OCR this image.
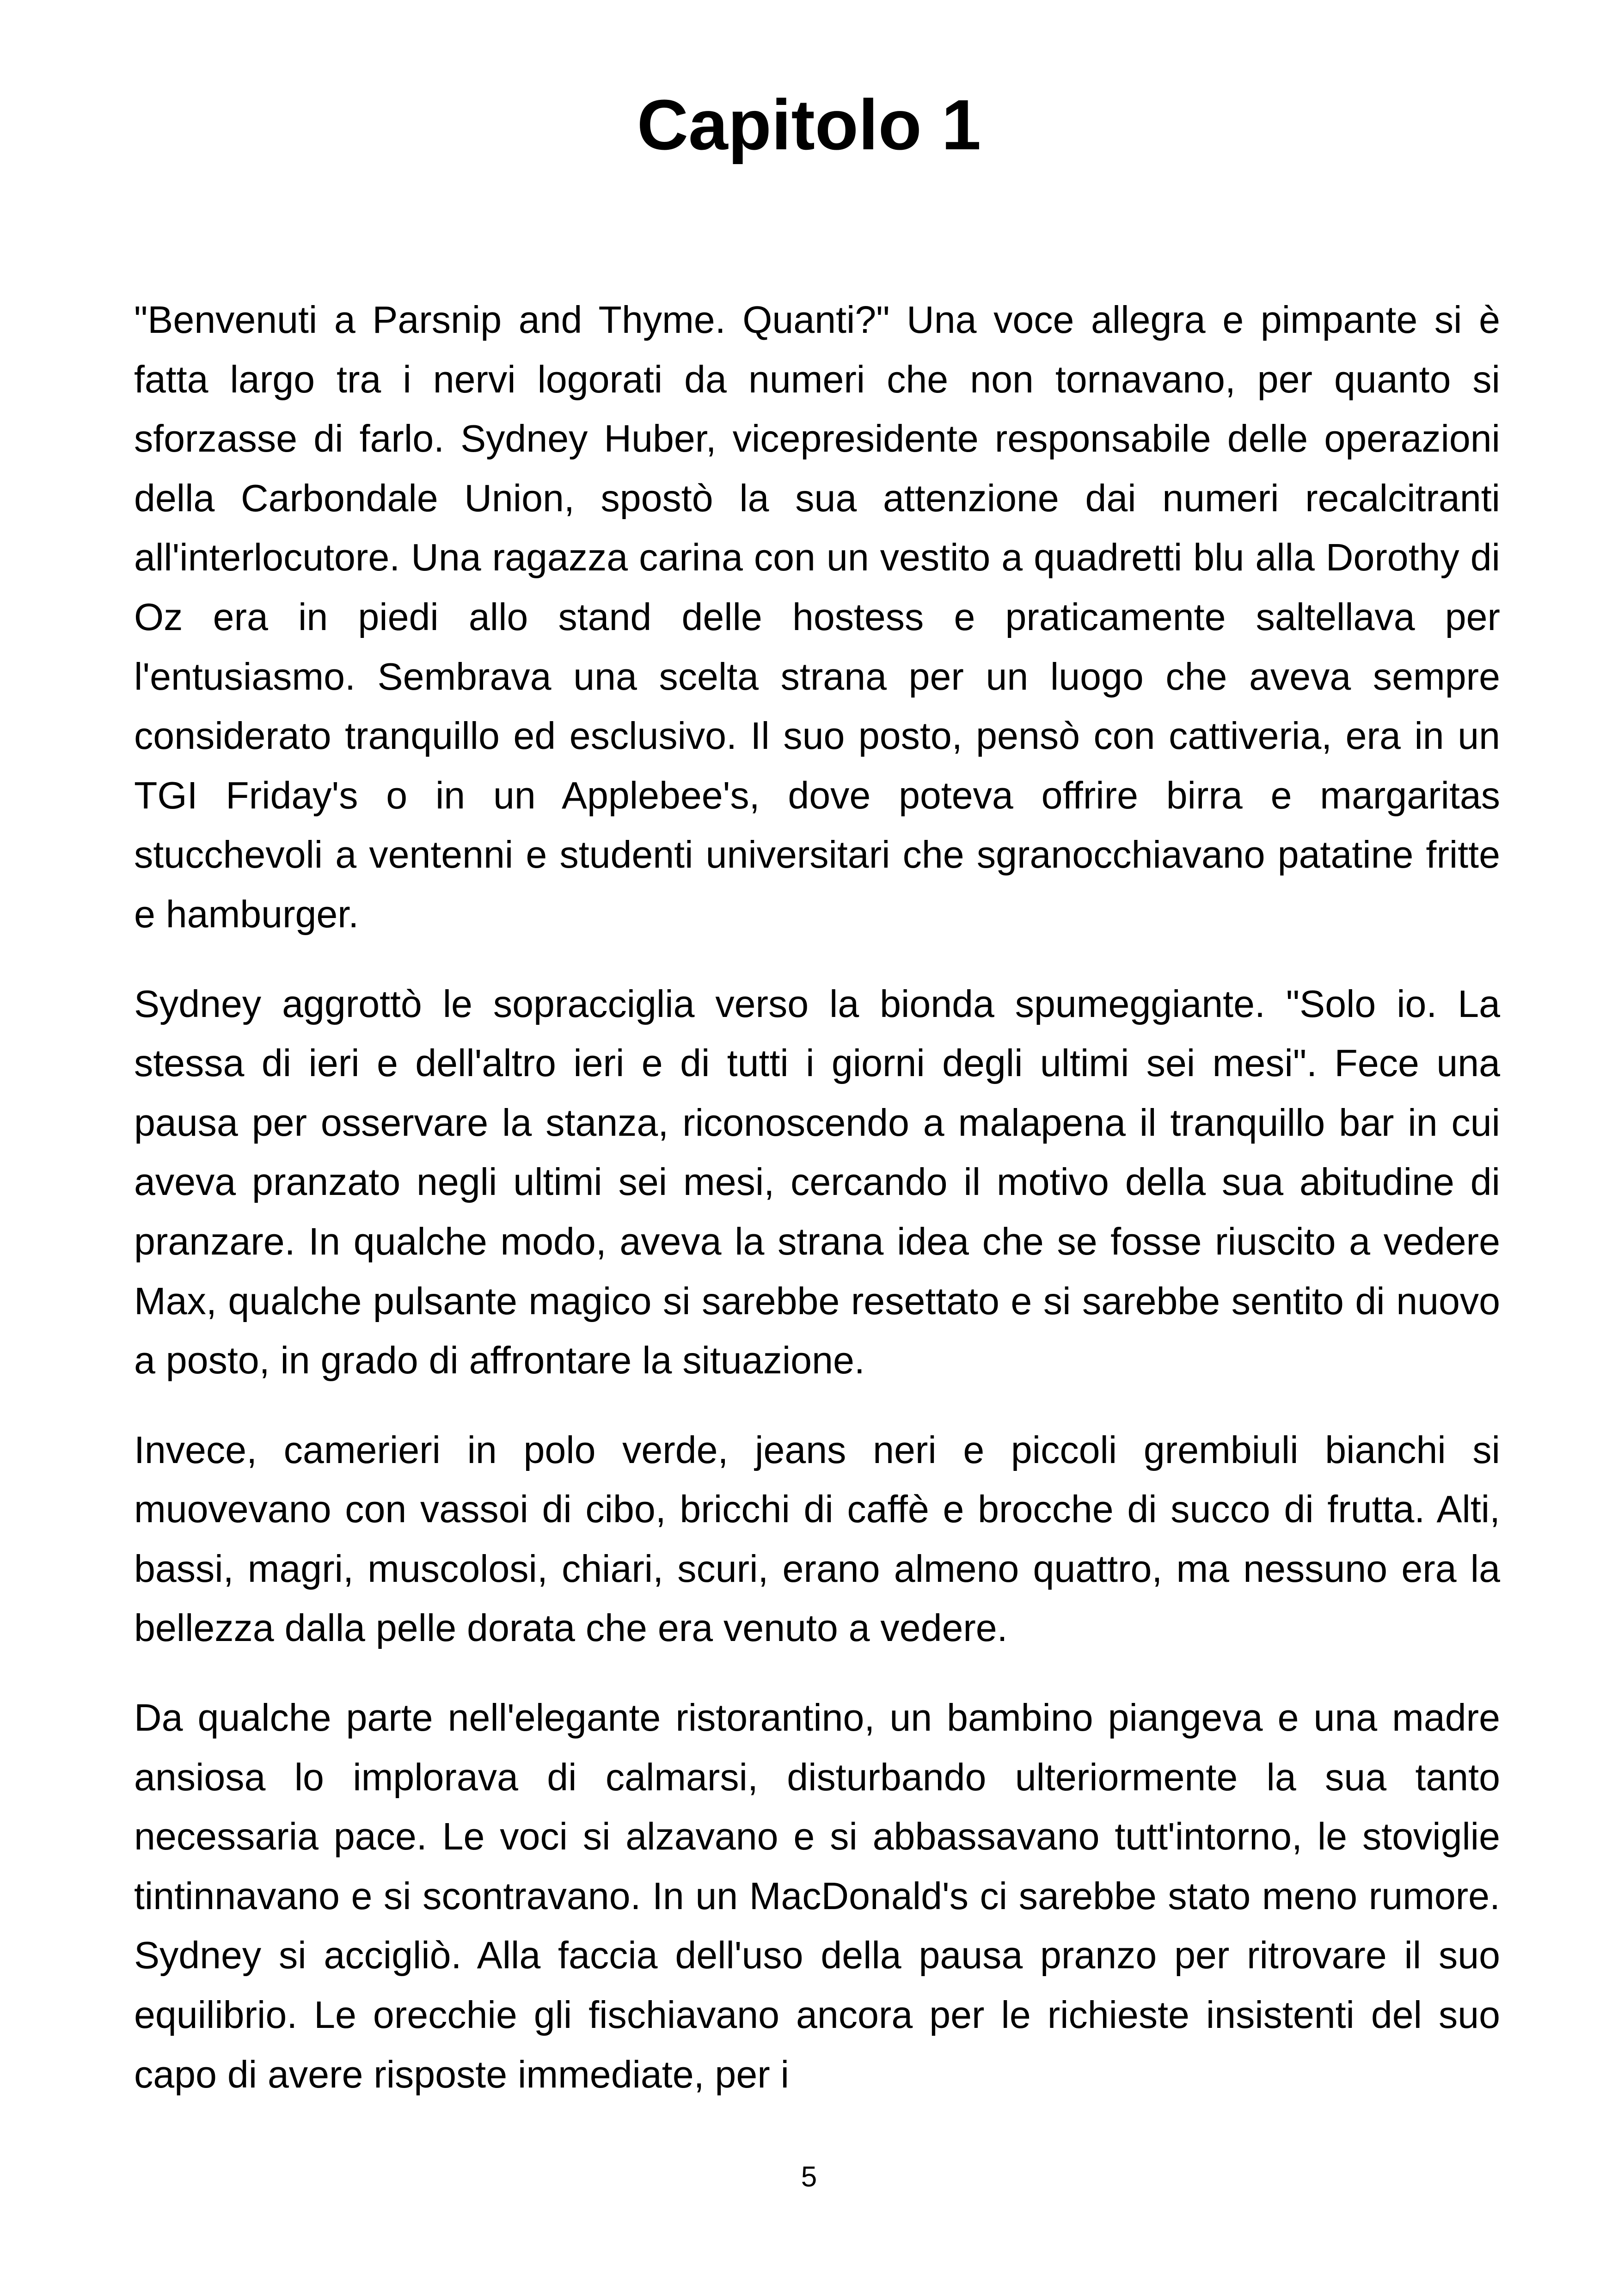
Capitolo 1

"Benvenuti a Parsnip and Thyme. Quanti?" Una voce allegra e pimpante si è fatta largo tra i nervi logorati da numeri che non tornavano, per quanto si sforzasse di farlo. Sydney Huber, vicepresidente responsabile delle operazioni della Carbondale Union, spostò la sua attenzione dai numeri recalcitranti all'interlocutore. Una ragazza carina con un vestito a quadretti blu alla Dorothy di Oz era in piedi allo stand delle hostess e praticamente saltellava per l'entusiasmo. Sembrava una scelta strana per un luogo che aveva sempre considerato tranquillo ed esclusivo. Il suo posto, pensò con cattiveria, era in un TGI Friday's o in un Applebee's, dove poteva offrire birra e margaritas stucchevoli a ventenni e studenti universitari che sgranocchiavano patatine fritte e hamburger.

Sydney aggrottò le sopracciglia verso la bionda spumeggiante. "Solo io. La stessa di ieri e dell'altro ieri e di tutti i giorni degli ultimi sei mesi". Fece una pausa per osservare la stanza, riconoscendo a malapena il tranquillo bar in cui aveva pranzato negli ultimi sei mesi, cercando il motivo della sua abitudine di pranzare. In qualche modo, aveva la strana idea che se fosse riuscito a vedere Max, qualche pulsante magico si sarebbe resettato e si sarebbe sentito di nuovo a posto, in grado di affrontare la situazione.

Invece, camerieri in polo verde, jeans neri e piccoli grembiuli bianchi si muovevano con vassoi di cibo, bricchi di caffè e brocche di succo di frutta. Alti, bassi, magri, muscolosi, chiari, scuri, erano almeno quattro, ma nessuno era la bellezza dalla pelle dorata che era venuto a vedere.

Da qualche parte nell'elegante ristorantino, un bambino piangeva e una madre ansiosa lo implorava di calmarsi, disturbando ulteriormente la sua tanto necessaria pace. Le voci si alzavano e si abbassavano tutt'intorno, le stoviglie tintinnavano e si scontravano. In un MacDonald's ci sarebbe stato meno rumore. Sydney si accigliò. Alla faccia dell'uso della pausa pranzo per ritrovare il suo equilibrio. Le orecchie gli fischiavano ancora per le richieste insistenti del suo capo di avere risposte immediate, per i

5
